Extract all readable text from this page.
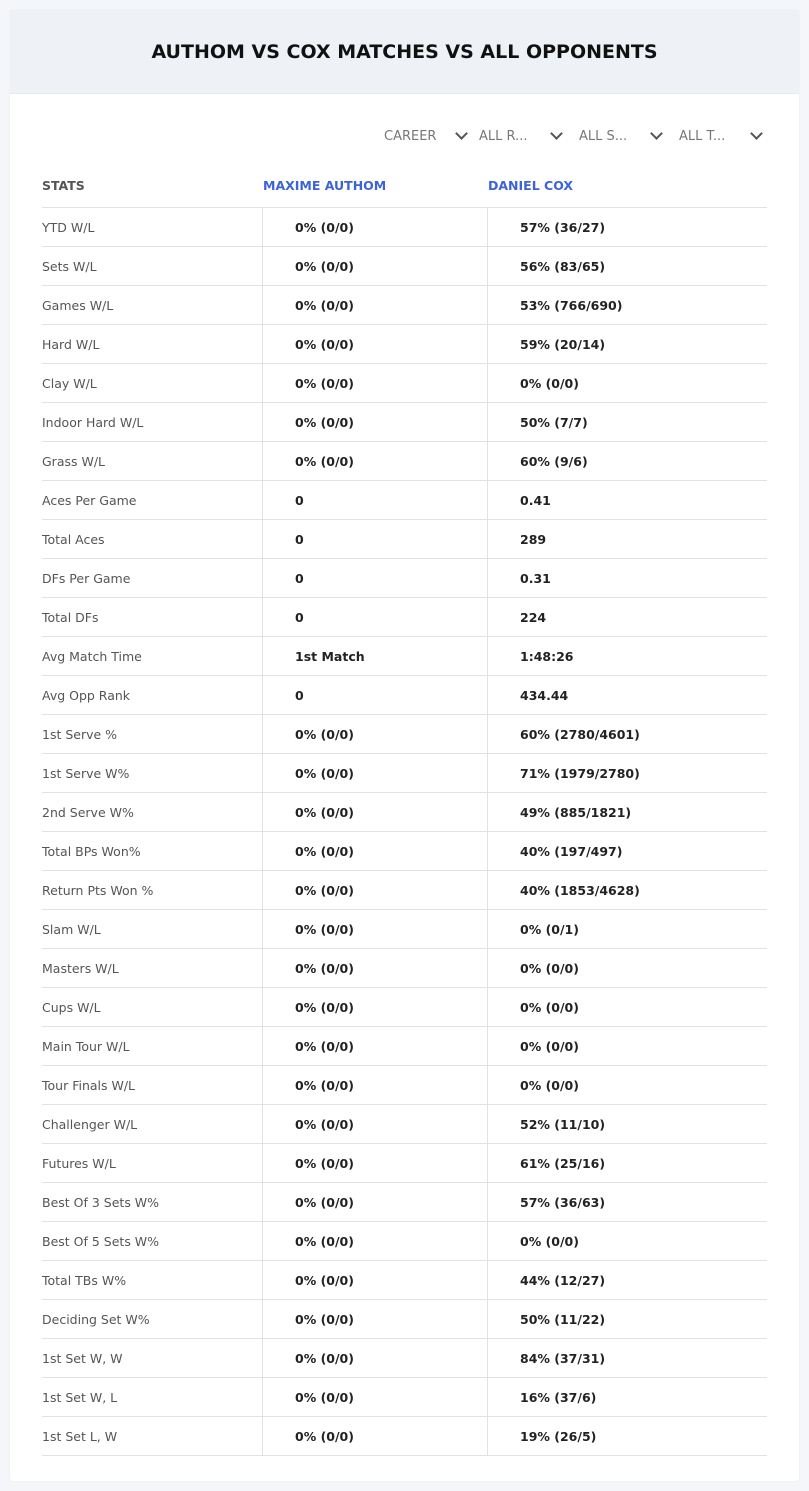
AUTHOM VS COX MATCHES VS ALL OPPONENTS
CAREER	ALL R...	ALL S...	ALL T...
STATS	MAXIME AUTHOM	DANIEL COX
YTD W/L	0% (0/0)	57% (36/27)
Sets W/L	0% (0/0)	56% (83/65)
Games W/L	0% (0/0)	53% (766/690)
Hard W/L	0% (0/0)	59% (20/14)
Clay W/L	0% (0/0)	0% (0/0)
Indoor Hard W/L	0% (0/0)	50% (7/7)
Grass W/L	0% (0/0)	60% (9/6)
Aces Per Game	0	0.41
Total Aces	0	289
DFs Per Game	0	0.31
Total DFs	0	224
Avg Match Time	1st Match	1:48:26
Avg Opp Rank	0	434.44
1st Serve %	0% (0/0)	60% (2780/4601)
1st Serve W%	0% (0/0)	71% (1979/2780)
2nd Serve W%	0% (0/0)	49% (885/1821)
Total BPs Won%	0% (0/0)	40% (197/497)
Return Pts Won %	0% (0/0)	40% (1853/4628)
Slam W/L	0% (0/0)	0% (0/1)
Masters W/L	0% (0/0)	0% (0/0)
Cups W/L	0% (0/0)	0% (0/0)
Main Tour W/L	0% (0/0)	0% (0/0)
Tour Finals W/L	0% (0/0)	0% (0/0)
Challenger W/L	0% (0/0)	52% (11/10)
Futures W/L	0% (0/0)	61% (25/16)
Best Of 3 Sets W%	0% (0/0)	57% (36/63)
Best Of 5 Sets W%	0% (0/0)	0% (0/0)
Total TBs W%	0% (0/0)	44% (12/27)
Deciding Set W%	0% (0/0)	50% (11/22)
1st Set W, W	0% (0/0)	84% (37/31)
1st Set W, L	0% (0/0)	16% (37/6)
1st Set L, W	0% (0/0)	19% (26/5)
